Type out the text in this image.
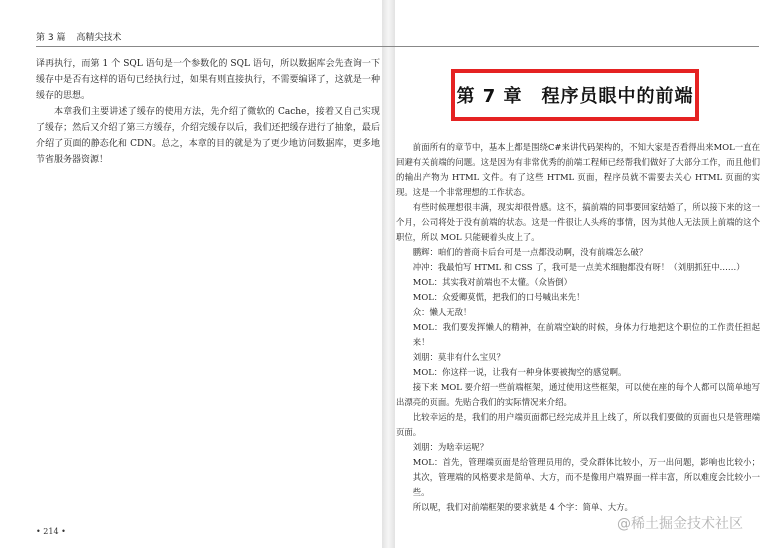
第 3 篇 高精尖技术

译再执行，而第 1 个 SQL 语句是一个参数化的 SQL 语句，所以数据库会先查询一下缓存中是否有这样的语句已经执行过，如果有则直接执行，不需要编译了，这就是一种缓存的思想。

本章我们主要讲述了缓存的使用方法，先介绍了微软的 Cache，接着又自己实现了缓存；然后又介绍了第三方缓存，介绍完缓存以后，我们还把缓存进行了抽象，最后介绍了页面的静态化和 CDN。总之，本章的目的就是为了更少地访问数据库，更多地节省服务器资源！

• 214 •
第 7 章　程序员眼中的前端

前面所有的章节中，基本上都是围绕C#来讲代码架构的，不知大家是否看得出来MOL一直在回避有关前端的问题。这是因为有非常优秀的前端工程师已经帮我们做好了大部分工作，而且他们的输出产物为 HTML 文件。有了这些 HTML 页面，程序员就不需要去关心 HTML 页面的实现。这是一个非常理想的工作状态。

有些时候理想很丰满，现实却很骨感。这不，搞前端的同事要回家结婚了，所以接下来的这一个月，公司将处于没有前端的状态。这是一件很让人头疼的事情，因为其他人无法顶上前端的这个职位，所以 MOL 只能硬着头皮上了。

鹏辉：咱们的普商卡后台可是一点都没动啊，没有前端怎么破？

冲冲：我最怕写 HTML 和 CSS 了，我可是一点美术细胞都没有呀！（刘朋抓狂中……）

MOL：其实我对前端也不太懂。（众皆倒）

MOL：众爱卿莫慌，把我们的口号喊出来先！

众：懒人无敌！

MOL：我们要发挥懒人的精神，在前端空缺的时候，身体力行地把这个职位的工作责任担起来！

刘朋：莫非有什么宝贝？

MOL：你这样一说，让我有一种身体要被掏空的感觉啊。

接下来 MOL 要介绍一些前端框架，通过使用这些框架，可以使在座的每个人都可以简单地写出漂亮的页面。先贴合我们的实际情况来介绍。

比较幸运的是，我们的用户端页面都已经完成并且上线了，所以我们要做的页面也只是管理端页面。

刘朋：为啥幸运呢？

MOL：首先，管理端页面是给管理员用的，受众群体比较小，万一出问题，影响也比较小；其次，管理端的风格要求是简单、大方，而不是像用户端界面一样丰富，所以难度会比较小一些。

所以呢，我们对前端框架的要求就是 4 个字：简单、大方。

@稀土掘金技术社区
